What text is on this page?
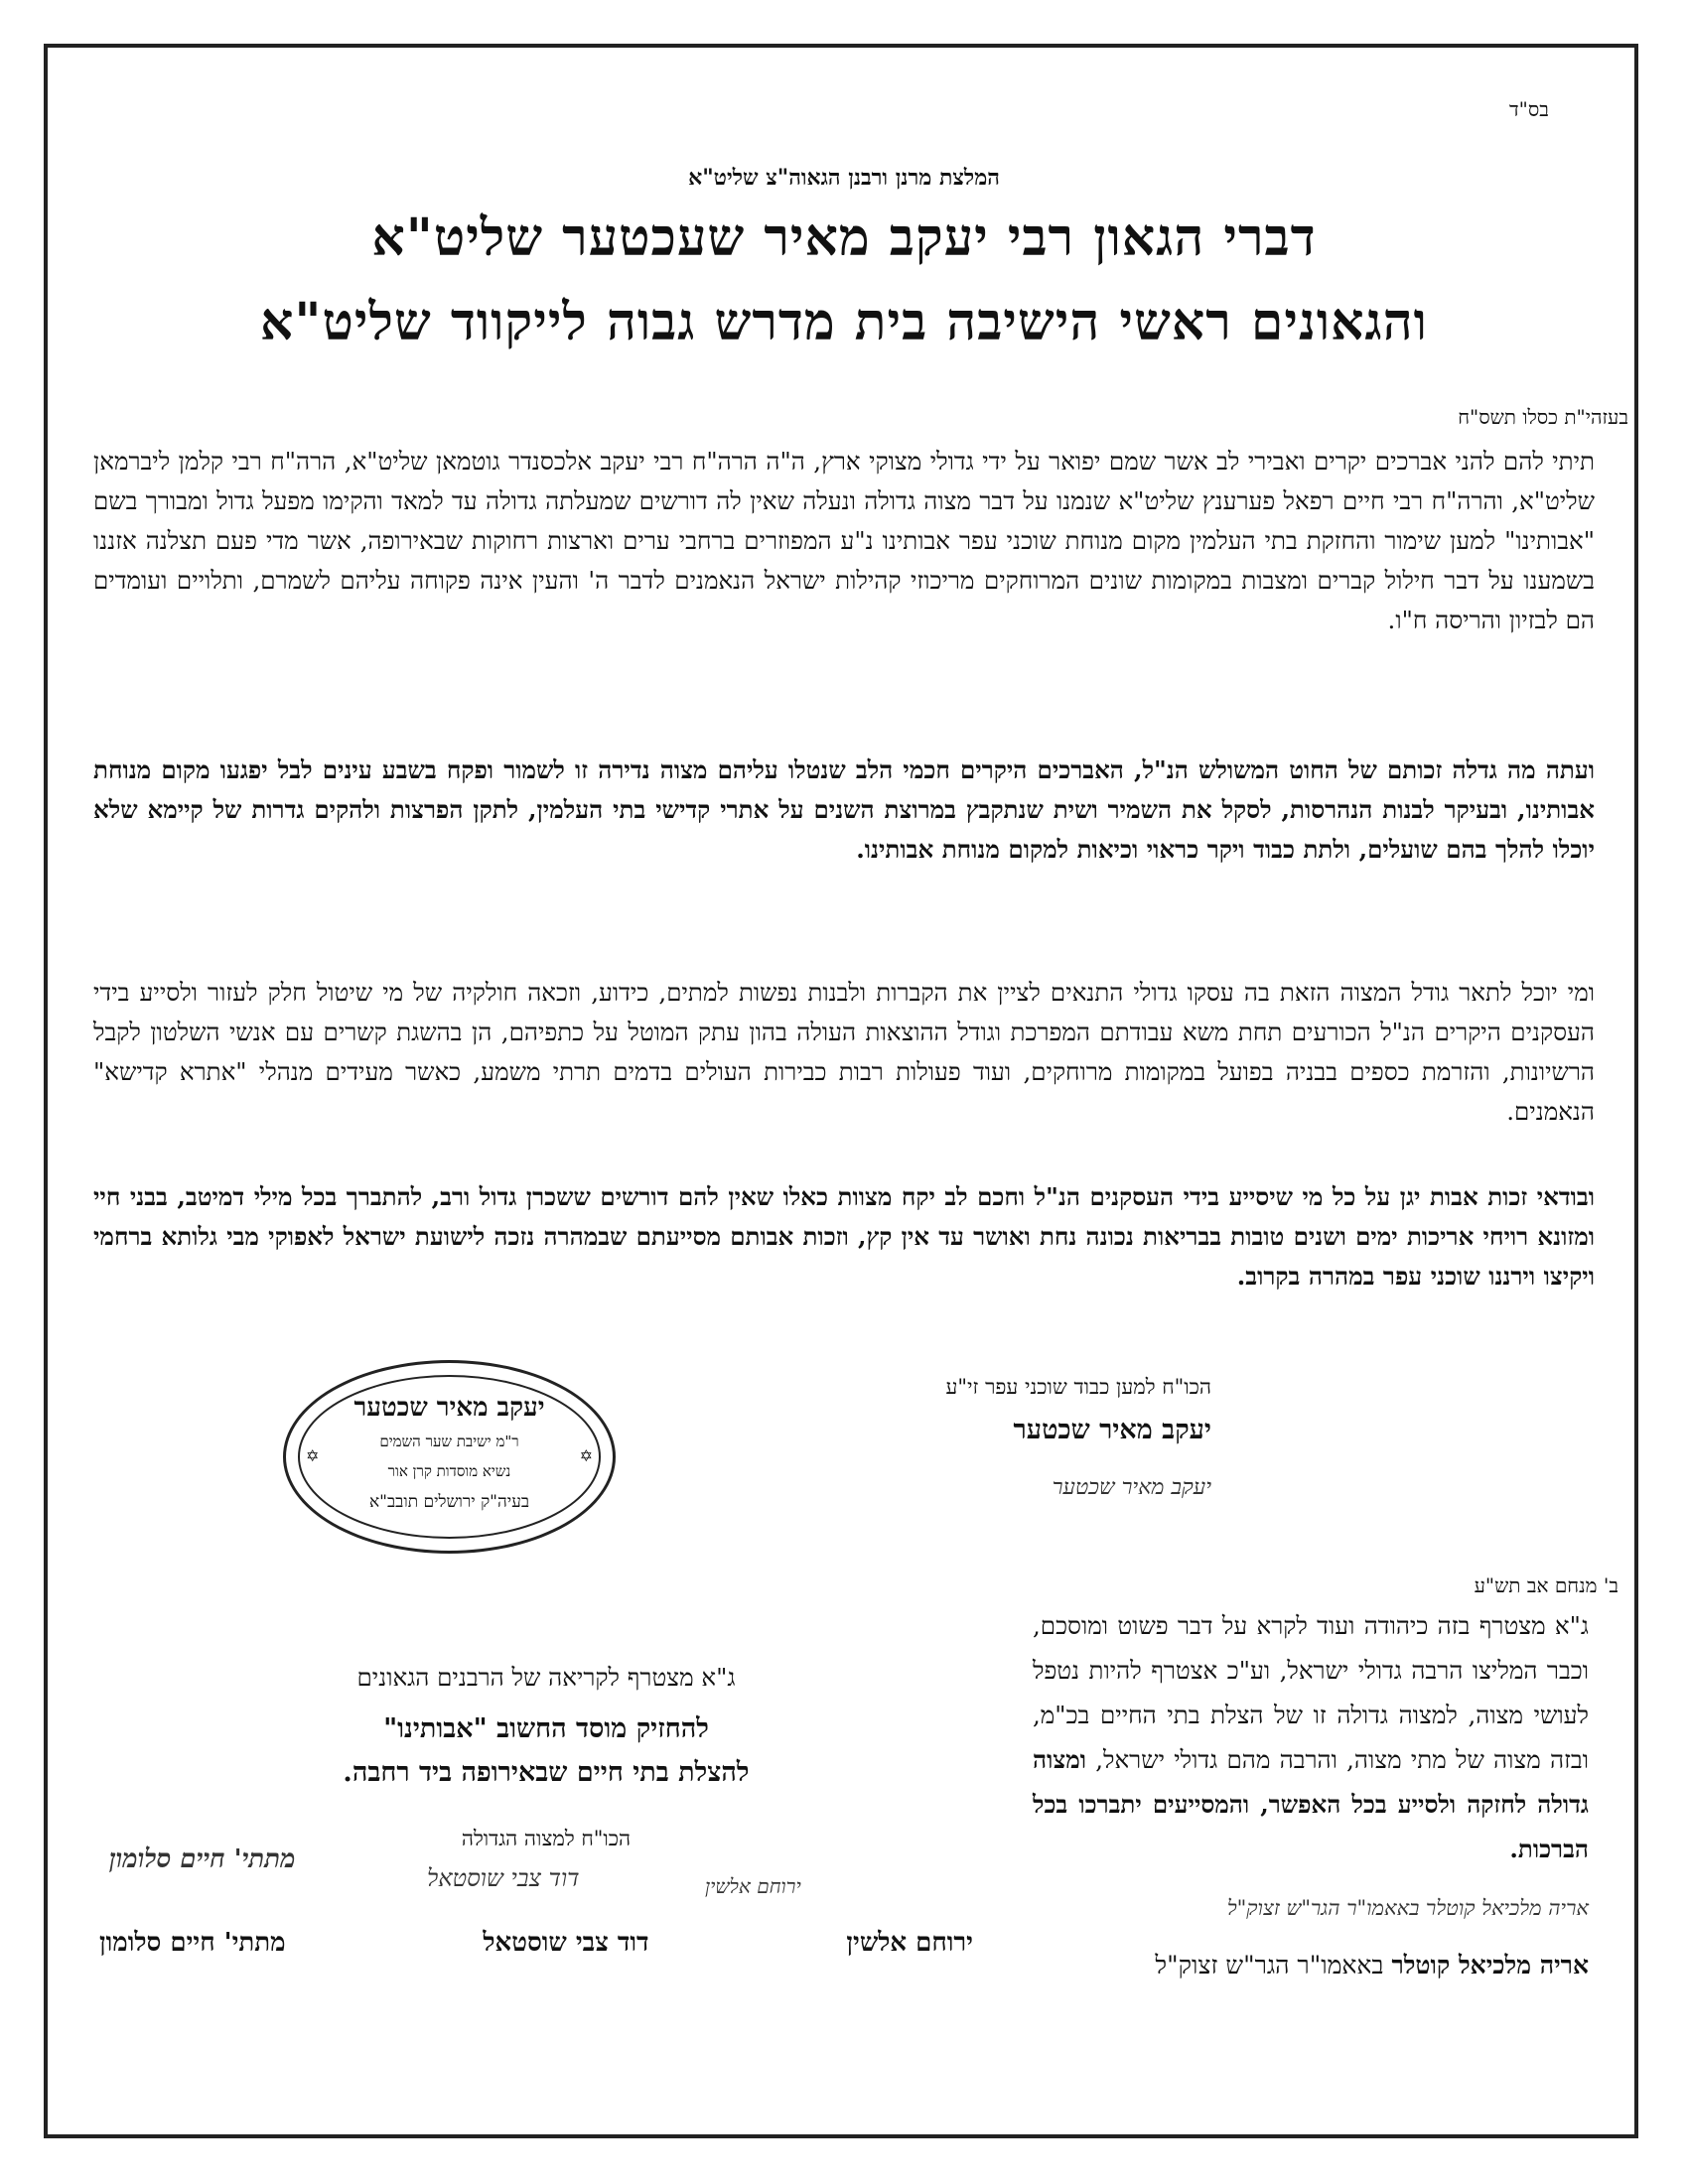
בס"ד
המלצת מרנן ורבנן הגאוה"צ שליט"א
דברי הגאון רבי יעקב מאיר שעכטער שליט"א
והגאונים ראשי הישיבה בית מדרש גבוה לייקווד שליט"א
בעזהי"ת כסלו תשס"ח
תיתי להם להני אברכים יקרים ואבירי לב אשר שמם יפואר על ידי גדולי מצוקי ארץ, ה"ה הרה"ח רבי יעקב אלכסנדר גוטמאן שליט"א, הרה"ח רבי קלמן ליברמאן שליט"א, והרה"ח רבי חיים רפאל פערענץ שליט"א שנמנו על דבר מצוה גדולה ונעלה שאין לה דורשים שמעלתה גדולה עד למאד והקימו מפעל גדול ומבורך בשם "אבותינו" למען שימור והחזקת בתי העלמין מקום מנוחת שוכני עפר אבותינו נ"ע המפוזרים ברחבי ערים וארצות רחוקות שבאירופה, אשר מדי פעם תצלנה אזננו בשמענו על דבר חילול קברים ומצבות במקומות שונים המרוחקים מריכוזי קהילות ישראל הנאמנים לדבר ה' והעין אינה פקוחה עליהם לשמרם, ותלויים ועומדים הם לבזיון והריסה ח"ו.
ועתה מה גדלה זכותם של החוט המשולש הנ"ל, האברכים היקרים חכמי הלב שנטלו עליהם מצוה נדירה זו לשמור ופקח בשבע עינים לבל יפגעו מקום מנוחת אבותינו, ובעיקר לבנות הנהרסות, לסקל את השמיר ושית שנתקבץ במרוצת השנים על אתרי קדישי בתי העלמין, לתקן הפרצות ולהקים גדרות של קיימא שלא יוכלו להלך בהם שועלים, ולתת כבוד ויקר כראוי וכיאות למקום מנוחת אבותינו.
ומי יוכל לתאר גודל המצוה הזאת בה עסקו גדולי התנאים לציין את הקברות ולבנות נפשות למתים, כידוע, וזכאה חולקיה של מי שיטול חלק לעזור ולסייע בידי העסקנים היקרים הנ"ל הכורעים תחת משא עבודתם המפרכת וגודל ההוצאות העולה בהון עתק המוטל על כתפיהם, הן בהשגת קשרים עם אנשי השלטון לקבל הרשיונות, והזרמת כספים בבניה בפועל במקומות מרוחקים, ועוד פעולות רבות כבירות העולים בדמים תרתי משמע, כאשר מעידים מנהלי "אתרא קדישא" הנאמנים.
ובודאי זכות אבות יגן על כל מי שיסייע בידי העסקנים הנ"ל וחכם לב יקח מצוות כאלו שאין להם דורשים ששכרן גדול ורב, להתברך בכל מילי דמיטב, בבני חיי ומזונא רויחי אריכות ימים ושנים טובות בבריאות נכונה נחת ואושר עד אין קץ, וזכות אבותם מסייעתם שבמהרה נזכה לישועת ישראל לאפוקי מבי גלותא ברחמי ויקיצו וירננו שוכני עפר במהרה בקרוב.
יעקב מאיר שכטער
ר"מ ישיבת שער השמים
נשיא מוסדות קרן אור
בעיה"ק ירושלים תובב"א
✡	✡
הכו"ח למען כבוד שוכני עפר זי"ע
יעקב מאיר שכטער
יעקב מאיר שכטער
ב' מנחם אב תש"ע
ג"א מצטרף בזה כיהודה ועוד לקרא על דבר פשוט ומוסכם, וכבר המליצו הרבה גדולי ישראל, וע"כ אצטרף להיות נטפל לעושי מצוה, למצוה גדולה זו של הצלת בתי החיים בכ"מ, ובזה מצוה של מתי מצוה, והרבה מהם גדולי ישראל, ומצוה גדולה לחזקה ולסייע בכל האפשר, והמסייעים יתברכו בכל הברכות.
אריה מלכיאל קוטלר באאמו"ר הגר"ש זצוק"ל
אריה מלכיאל קוטלר באאמו"ר הגר"ש זצוק"ל
ג"א מצטרף לקריאה של הרבנים הגאונים
להחזיק מוסד החשוב "אבותינו"
להצלת בתי חיים שבאירופה ביד רחבה.
הכו"ח למצוה הגדולה
ירוחם אלשין
דוד צבי שוסטאל
מתתי' חיים סלומון
ירוחם אלשין
דוד צבי שוסטאל
מתתי' חיים סלומון
